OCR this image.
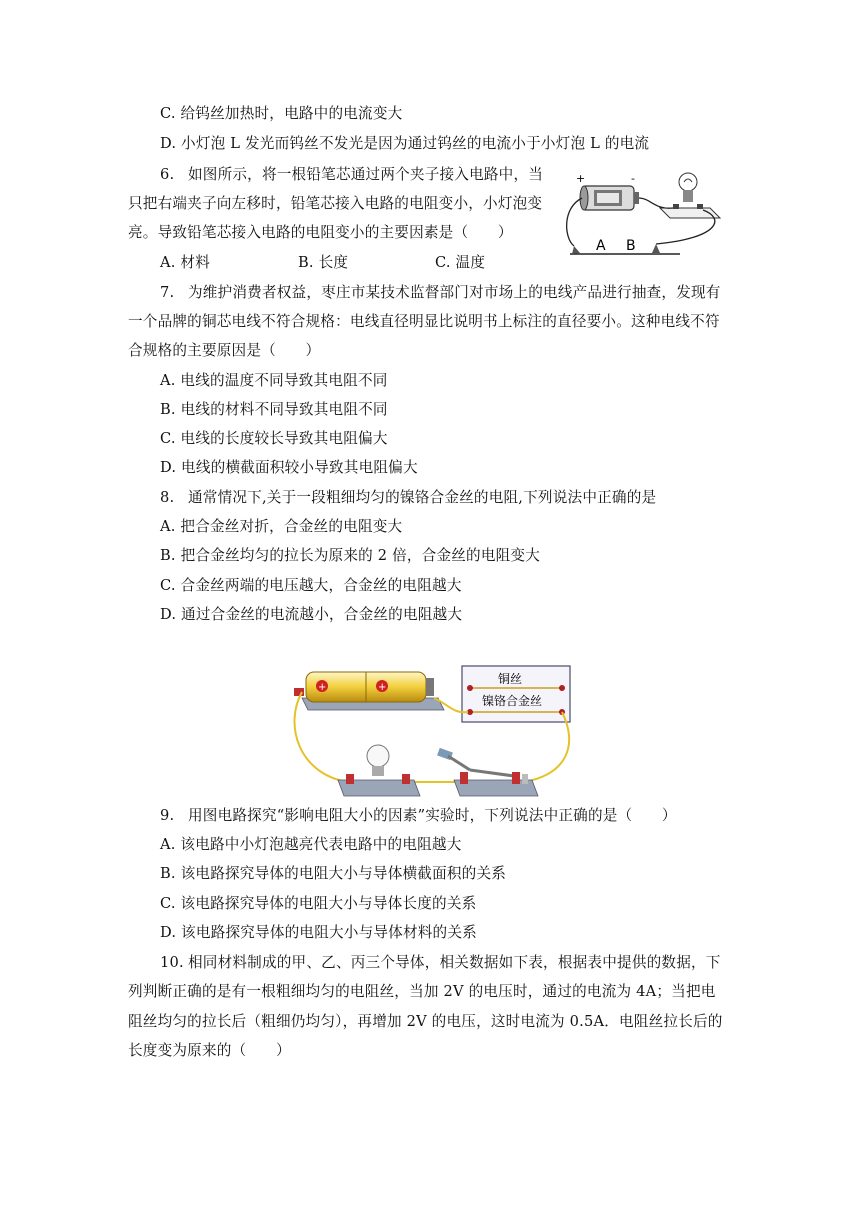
C. 给钨丝加热时，电路中的电流变大
D. 小灯泡 L 发光而钨丝不发光是因为通过钨丝的电流小于小灯泡 L 的电流
6. 如图所示，将一根铅笔芯通过两个夹子接入电路中，当
只把右端夹子向左移时，铅笔芯接入电路的电阻变小，小灯泡变
亮。导致铅笔芯接入电路的电阻变小的主要因素是（　　）
A. 材料	B. 长度	C. 温度
7. 为维护消费者权益，枣庄市某技术监督部门对市场上的电线产品进行抽查，发现有
一个品牌的铜芯电线不符合规格：电线直径明显比说明书上标注的直径要小。这种电线不符
合规格的主要原因是（　　）
A. 电线的温度不同导致其电阻不同
B. 电线的材料不同导致其电阻不同
C. 电线的长度较长导致其电阻偏大
D. 电线的横截面积较小导致其电阻偏大
8. 通常情况下,关于一段粗细均匀的镍铬合金丝的电阻,下列说法中正确的是
A. 把合金丝对折，合金丝的电阻变大
B. 把合金丝均匀的拉长为原来的 2 倍，合金丝的电阻变大
C. 合金丝两端的电压越大，合金丝的电阻越大
D. 通过合金丝的电流越小，合金丝的电阻越大
9. 用图电路探究“影响电阻大小的因素”实验时，下列说法中正确的是（　　）
A. 该电路中小灯泡越亮代表电路中的电阻越大
B. 该电路探究导体的电阻大小与导体横截面积的关系
C. 该电路探究导体的电阻大小与导体长度的关系
D. 该电路探究导体的电阻大小与导体材料的关系
10. 相同材料制成的甲、乙、丙三个导体，相关数据如下表，根据表中提供的数据，下
列判断正确的是有一根粗细均匀的电阻丝，当加 2V 的电压时，通过的电流为 4A；当把电
阻丝均匀的拉长后（粗细仍均匀），再增加 2V 的电压，这时电流为 0.5A．电阻丝拉长后的
长度变为原来的（　　）
+	-
A B
+	+
铜丝
镍铬合金丝
